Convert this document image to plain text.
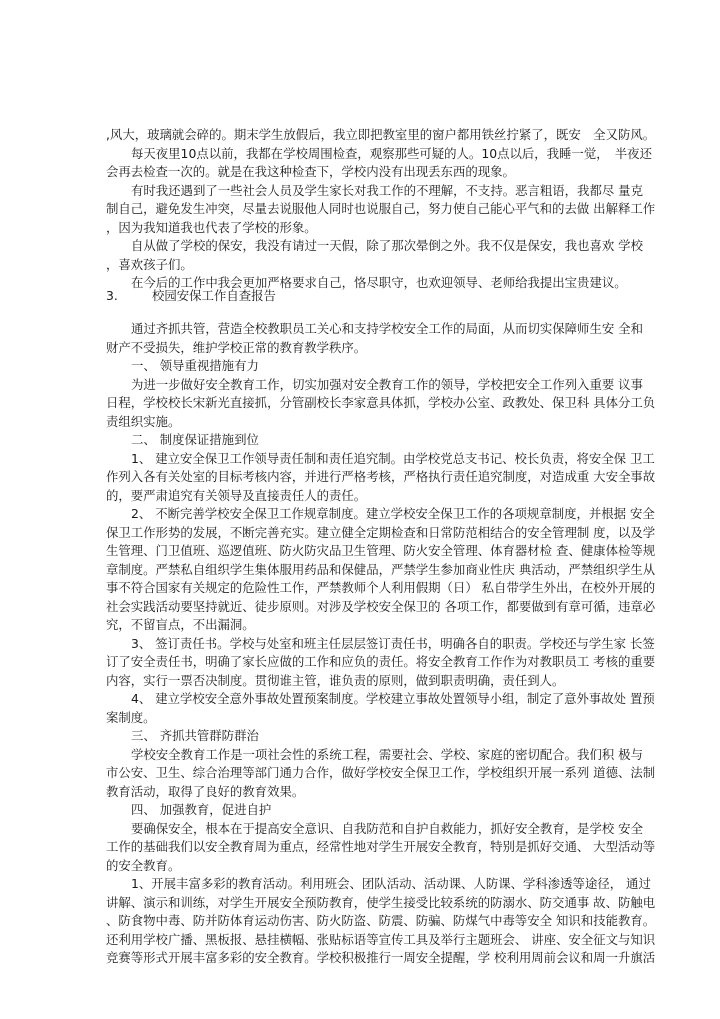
,风大，玻璃就会碎的。期末学生放假后，我立即把教室里的窗户都用铁丝拧紧了，既安　全又防风。
每天夜里10点以前，我都在学校周围检查，观察那些可疑的人。10点以后，我睡一觉，　半夜还
会再去检查一次的。就是在我这种检查下，学校内没有出现丢东西的现象。
有时我还遇到了一些社会人员及学生家长对我工作的不理解，不支持。恶言粗语，我都尽 量克
制自己，避免发生冲突，尽量去说服他人同时也说服自己，努力使自己能心平气和的去做 出解释工作
，因为我知道我也代表了学校的形象。
自从做了学校的保安，我没有请过一天假，除了那次晕倒之外。我不仅是保安，我也喜欢 学校
，喜欢孩子们。
在今后的工作中我会更加严格要求自己，恪尽职守，也欢迎领导、老师给我提出宝贵建议。
3.	校园安保工作自查报告
通过齐抓共管，营造全校教职员工关心和支持学校安全工作的局面，从而切实保障师生安 全和
财产不受损失，维护学校正常的教育教学秩序。
一、 领导重视措施有力
为进一步做好安全教育工作，切实加强对安全教育工作的领导，学校把安全工作列入重要 议事
日程，学校校长宋新光直接抓，分管副校长李家意具体抓，学校办公室、政教处、保卫科 具体分工负
责组织实施。
二、 制度保证措施到位
1、 建立安全保卫工作领导责任制和责任追究制。由学校党总支书记、校长负责，将安全保 卫工
作列入各有关处室的目标考核内容，并进行严格考核，严格执行责任追究制度，对造成重 大安全事故
的，要严肃追究有关领导及直接责任人的责任。
2、 不断完善学校安全保卫工作规章制度。建立学校安全保卫工作的各项规章制度，并根据 安全
保卫工作形势的发展，不断完善充实。建立健全定期检查和日常防范相结合的安全管理制 度，以及学
生管理、门卫值班、巡逻值班、防火防灾品卫生管理、防火安全管理、体育器材检 查、健康体检等规
章制度。严禁私自组织学生集体服用药品和保健品，严禁学生参加商业性庆 典活动，严禁组织学生从
事不符合国家有关规定的危险性工作，严禁教师个人利用假期（日） 私自带学生外出，在校外开展的
社会实践活动要坚持就近、徒步原则。对涉及学校安全保卫的 各项工作，都要做到有章可循，违章必
究，不留盲点，不出漏洞。
3、 签订责任书。学校与处室和班主任层层签订责任书，明确各自的职责。学校还与学生家 长签
订了安全责任书，明确了家长应做的工作和应负的责任。将安全教育工作作为对教职员工 考核的重要
内容，实行一票否决制度。贯彻谁主管，谁负责的原则，做到职责明确，责任到人。
4、 建立学校安全意外事故处置预案制度。学校建立事故处置领导小组，制定了意外事故处 置预
案制度。
三、 齐抓共管群防群治
学校安全教育工作是一项社会性的系统工程，需要社会、学校、家庭的密切配合。我们积 极与
市公安、卫生、综合治理等部门通力合作，做好学校安全保卫工作，学校组织开展一系列 道德、法制
教育活动，取得了良好的教育效果。
四、 加强教育，促进自护
要确保安全，根本在于提高安全意识、自我防范和自护自救能力，抓好安全教育，是学校 安全
工作的基础我们以安全教育周为重点，经常性地对学生开展安全教育，特别是抓好交通、 大型活动等
的安全教育。
1、开展丰富多彩的教育活动。利用班会、团队活动、活动课、人防课、学科渗透等途径， 通过
讲解、演示和训练，对学生开展安全预防教育，使学生接受比较系统的防溺水、防交通事 故、防触电
、防食物中毒、防并防体育运动伤害、防火防盗、防震、防骗、防煤气中毒等安全 知识和技能教育。
还利用学校广播、黑板报、悬挂横幅、张贴标语等宣传工具及举行主题班会、 讲座、安全征文与知识
竞赛等形式开展丰富多彩的安全教育。学校积极推行一周安全提醒，学 校利用周前会议和周一升旗活
